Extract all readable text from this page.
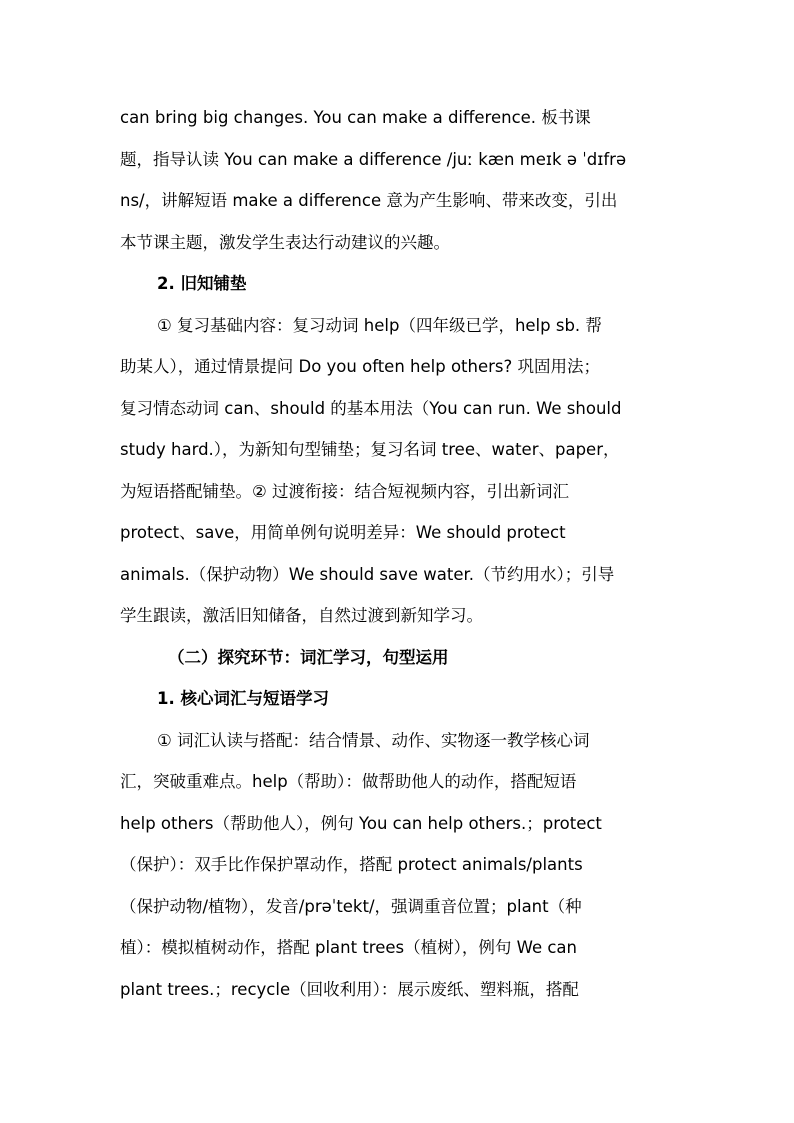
can bring big changes. You can make a difference. 板书课
题，指导认读 You can make a difference /juː kæn meɪk ə ˈdɪfrə
ns/，讲解短语 make a difference 意为产生影响、带来改变，引出
本节课主题，激发学生表达行动建议的兴趣。
2. 旧知铺垫
① 复习基础内容：复习动词 help（四年级已学，help sb. 帮
助某人），通过情景提问 Do you often help others? 巩固用法；
复习情态动词 can、should 的基本用法（You can run. We should
study hard.），为新知句型铺垫；复习名词 tree、water、paper，
为短语搭配铺垫。② 过渡衔接：结合短视频内容，引出新词汇
protect、save，用简单例句说明差异：We should protect
animals.（保护动物）We should save water.（节约用水）；引导
学生跟读，激活旧知储备，自然过渡到新知学习。
（二）探究环节：词汇学习，句型运用
1. 核心词汇与短语学习
① 词汇认读与搭配：结合情景、动作、实物逐一教学核心词
汇，突破重难点。help（帮助）：做帮助他人的动作，搭配短语
help others（帮助他人），例句 You can help others.；protect
（保护）：双手比作保护罩动作，搭配 protect animals/plants
（保护动物/植物），发音/prəˈtekt/，强调重音位置；plant（种
植）：模拟植树动作，搭配 plant trees（植树），例句 We can
plant trees.；recycle（回收利用）：展示废纸、塑料瓶，搭配
